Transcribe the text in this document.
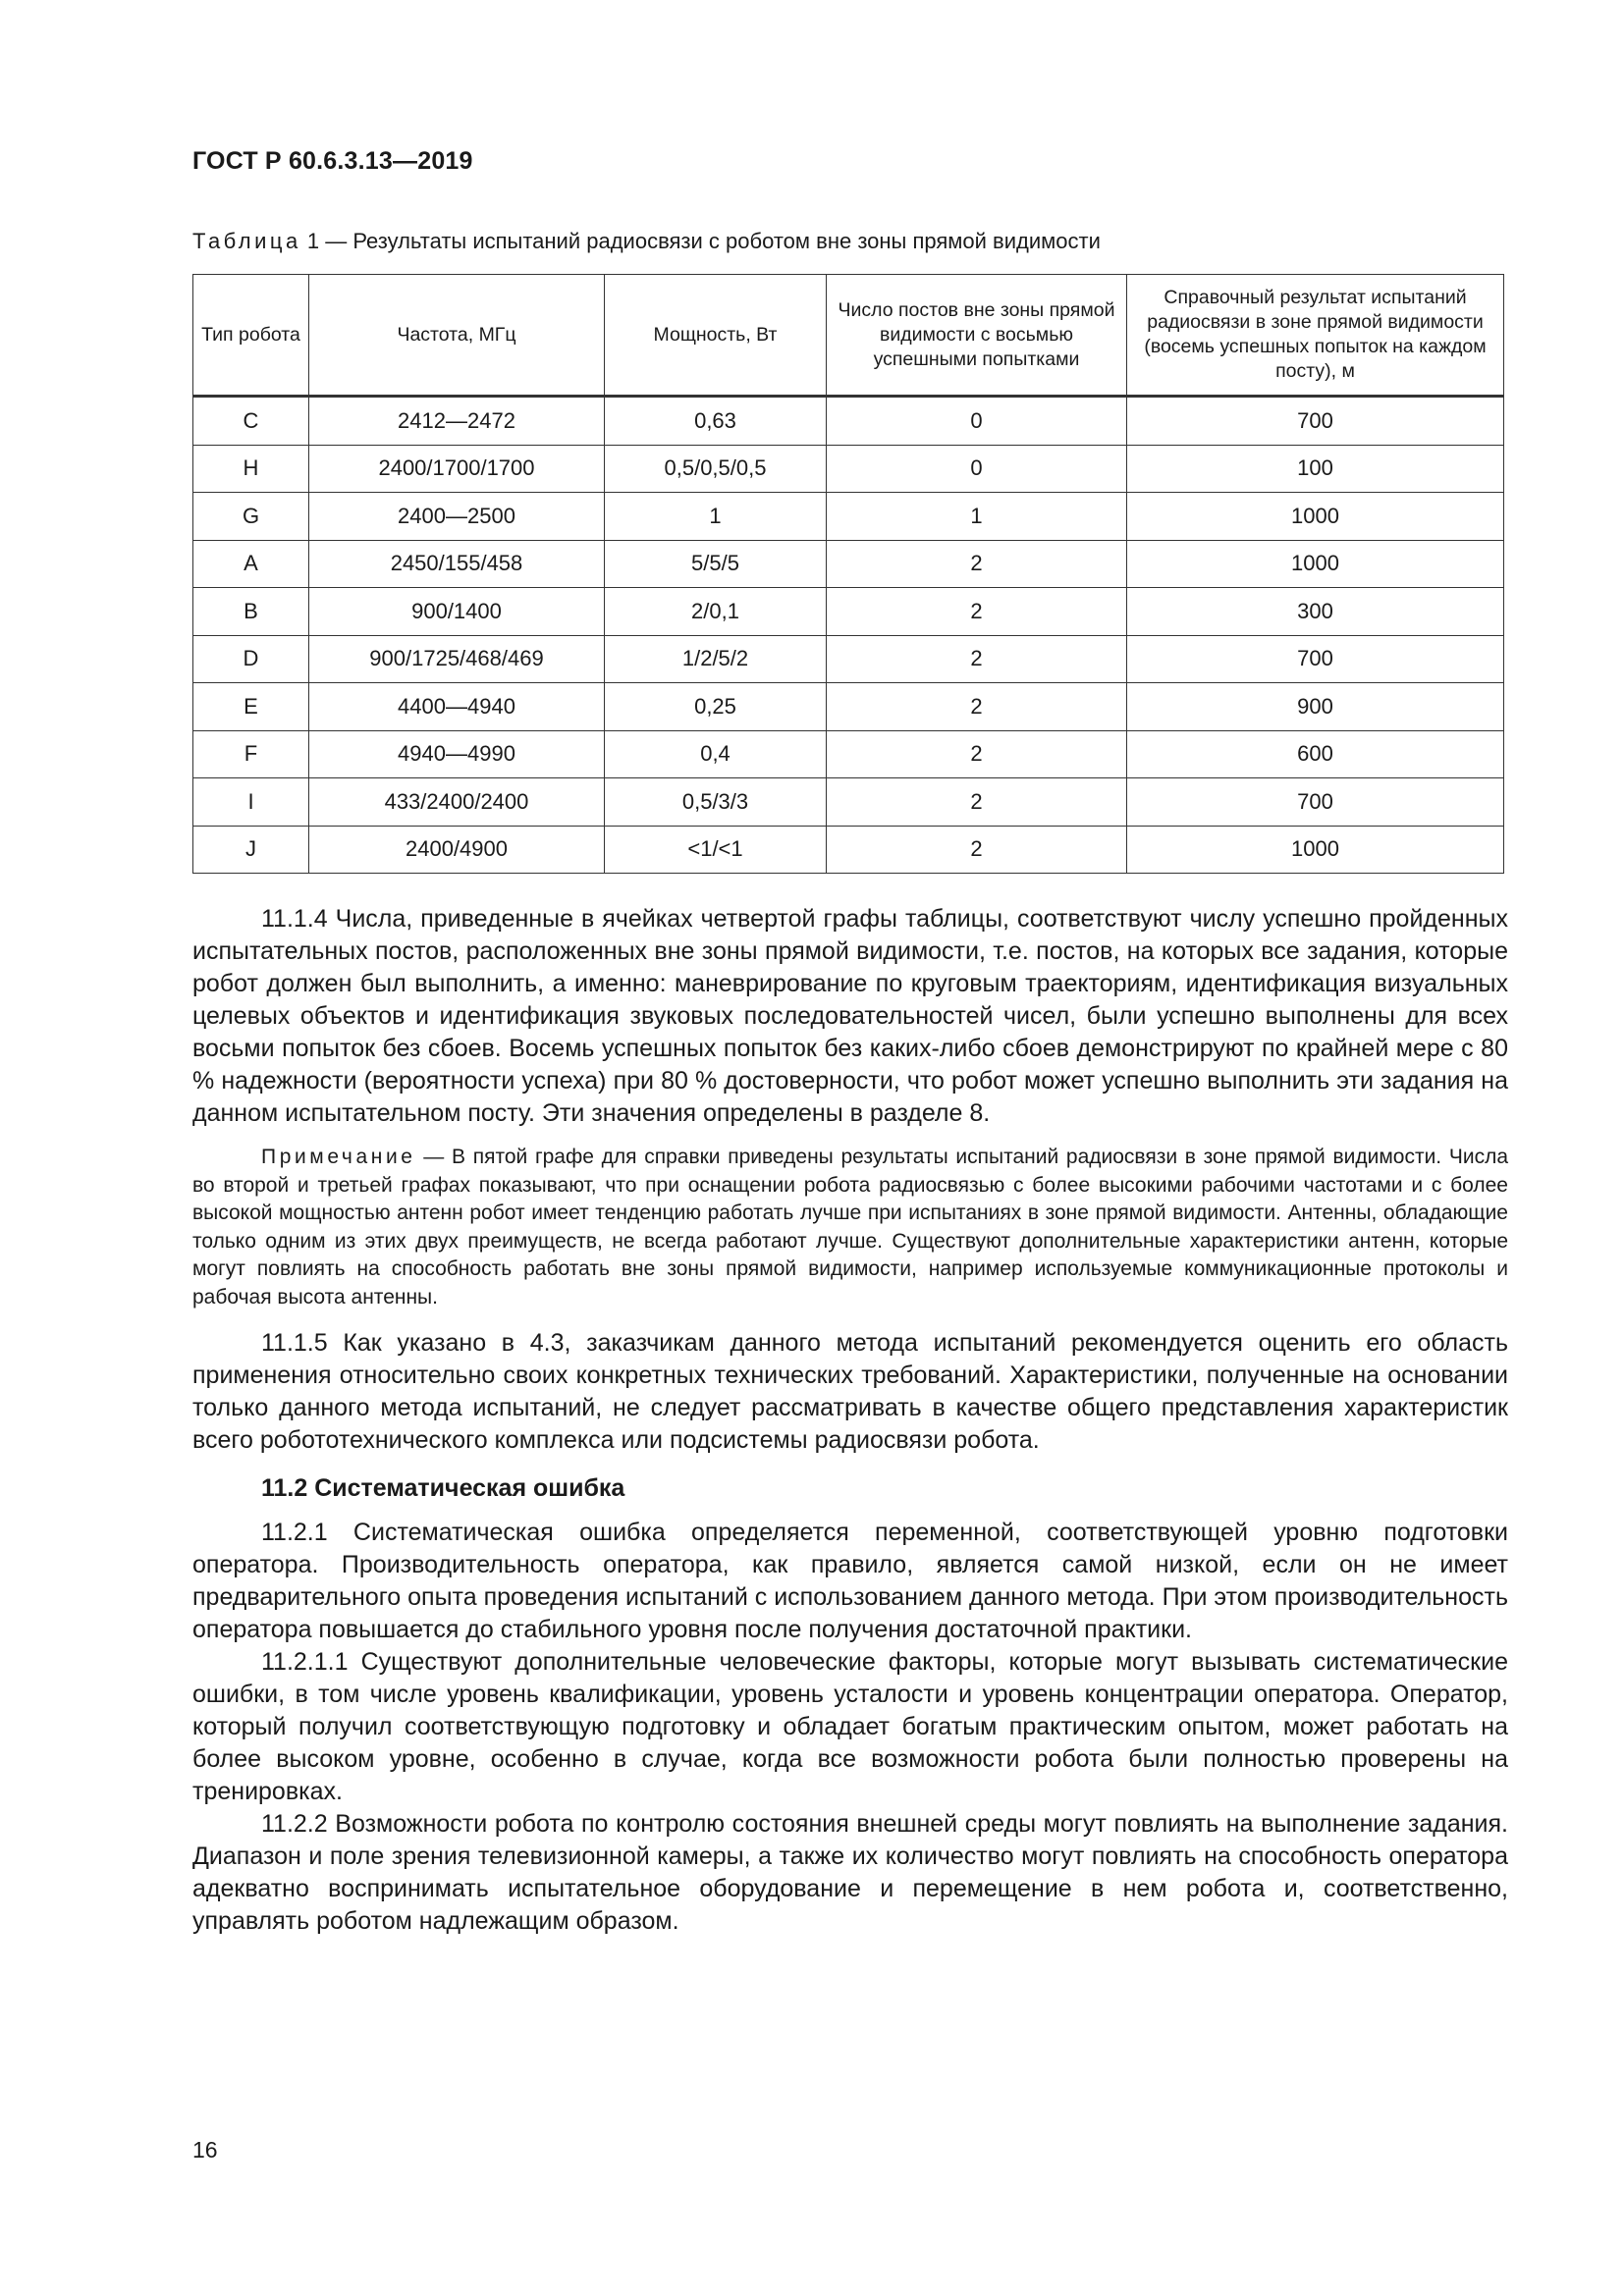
ГОСТ Р 60.6.3.13—2019
Таблица 1 — Результаты испытаний радиосвязи с роботом вне зоны прямой видимости
Тип робота	Частота, МГц	Мощность, Вт	Число постов вне зоны прямой видимости с восьмью успешными попытками	Справочный результат испытаний радиосвязи в зоне прямой видимости (восемь успешных попыток на каждом посту), м
C	2412—2472	0,63	0	700
H	2400/1700/1700	0,5/0,5/0,5	0	100
G	2400—2500	1	1	1000
A	2450/155/458	5/5/5	2	1000
B	900/1400	2/0,1	2	300
D	900/1725/468/469	1/2/5/2	2	700
E	4400—4940	0,25	2	900
F	4940—4990	0,4	2	600
I	433/2400/2400	0,5/3/3	2	700
J	2400/4900	<1/<1	2	1000

11.1.4 Числа, приведенные в ячейках четвертой графы таблицы, соответствуют числу успешно пройденных испытательных постов, расположенных вне зоны прямой видимости, т.е. постов, на которых все задания, которые робот должен был выполнить, а именно: маневрирование по круговым траекториям, идентификация визуальных целевых объектов и идентификация звуковых последовательностей чисел, были успешно выполнены для всех восьми попыток без сбоев. Восемь успешных попыток без каких-либо сбоев демонстрируют по крайней мере с 80 % надежности (вероятности успеха) при 80 % достоверности, что робот может успешно выполнить эти задания на данном испытательном посту. Эти значения определены в разделе 8.

Примечание — В пятой графе для справки приведены результаты испытаний радиосвязи в зоне прямой видимости. Числа во второй и третьей графах показывают, что при оснащении робота радиосвязью с более высокими рабочими частотами и с более высокой мощностью антенн робот имеет тенденцию работать лучше при испытаниях в зоне прямой видимости. Антенны, обладающие только одним из этих двух преимуществ, не всегда работают лучше. Существуют дополнительные характеристики антенн, которые могут повлиять на способность работать вне зоны прямой видимости, например используемые коммуникационные протоколы и рабочая высота антенны.

11.1.5 Как указано в 4.3, заказчикам данного метода испытаний рекомендуется оценить его область применения относительно своих конкретных технических требований. Характеристики, полученные на основании только данного метода испытаний, не следует рассматривать в качестве общего представления характеристик всего робототехнического комплекса или подсистемы радиосвязи робота.

11.2 Систематическая ошибка

11.2.1 Систематическая ошибка определяется переменной, соответствующей уровню подготовки оператора. Производительность оператора, как правило, является самой низкой, если он не имеет предварительного опыта проведения испытаний с использованием данного метода. При этом производительность оператора повышается до стабильного уровня после получения достаточной практики.

11.2.1.1 Существуют дополнительные человеческие факторы, которые могут вызывать систематические ошибки, в том числе уровень квалификации, уровень усталости и уровень концентрации оператора. Оператор, который получил соответствующую подготовку и обладает богатым практическим опытом, может работать на более высоком уровне, особенно в случае, когда все возможности робота были полностью проверены на тренировках.

11.2.2 Возможности робота по контролю состояния внешней среды могут повлиять на выполнение задания. Диапазон и поле зрения телевизионной камеры, а также их количество могут повлиять на способность оператора адекватно воспринимать испытательное оборудование и перемещение в нем робота и, соответственно, управлять роботом надлежащим образом.

16
